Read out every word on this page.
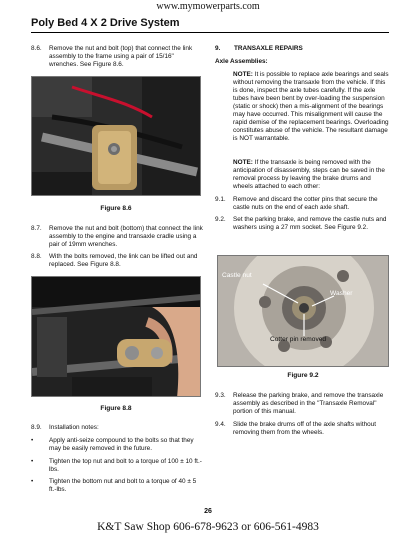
www.mymowerparts.com
Poly Bed 4 X 2 Drive System
8.6.	Remove the nut and bolt (top) that connect the link assembly to the frame using a pair of 15/16" wrenches. See Figure 8.6.
Figure 8.6
8.7.	Remove the nut and bolt (bottom) that connect the link assembly to the engine and transaxle cradle using a pair of 19mm wrenches.
8.8.	With the bolts removed, the link can be lifted out and replaced. See Figure 8.8.
Figure 8.8
8.9.	Installation notes:
•	Apply anti-seize compound to the bolts so that they may be easily removed in the future.
•	Tighten the top nut and bolt to a torque of 100 ± 10 ft.-lbs.
•	Tighten the bottom nut and bolt to a torque of 40 ± 5 ft.-lbs.
9.	TRANSAXLE REPAIRS
Axle Assemblies:
NOTE: It is possible to replace axle bearings and seals without removing the transaxle from the vehicle. If this is done, inspect the axle tubes carefully. If the axle tubes have been bent by over-loading the suspension (static or shock) then a mis-alignment of the bearings may have occurred. This misalignment will cause the rapid demise of the replacement bearings. Overloading constitutes abuse of the vehicle. The resultant damage is NOT warrantable.
NOTE: If the transaxle is being removed with the anticipation of disassembly, steps can be saved in the removal process by leaving the brake drums and wheels attached to each other:
9.1.	Remove and discard the cotter pins that secure the castle nuts on the end of each axle shaft.
9.2.	Set the parking brake, and remove the castle nuts and washers using a 27 mm socket. See Figure 9.2.
Castle nut
Washer
Cotter pin removed
Figure 9.2
9.3.	Release the parking brake, and remove the transaxle assembly as described in the "Transaxle Removal" portion of this manual.
9.4.	Slide the brake drums off of the axle shafts without removing them from the wheels.
26
K&T Saw Shop 606-678-9623 or 606-561-4983
